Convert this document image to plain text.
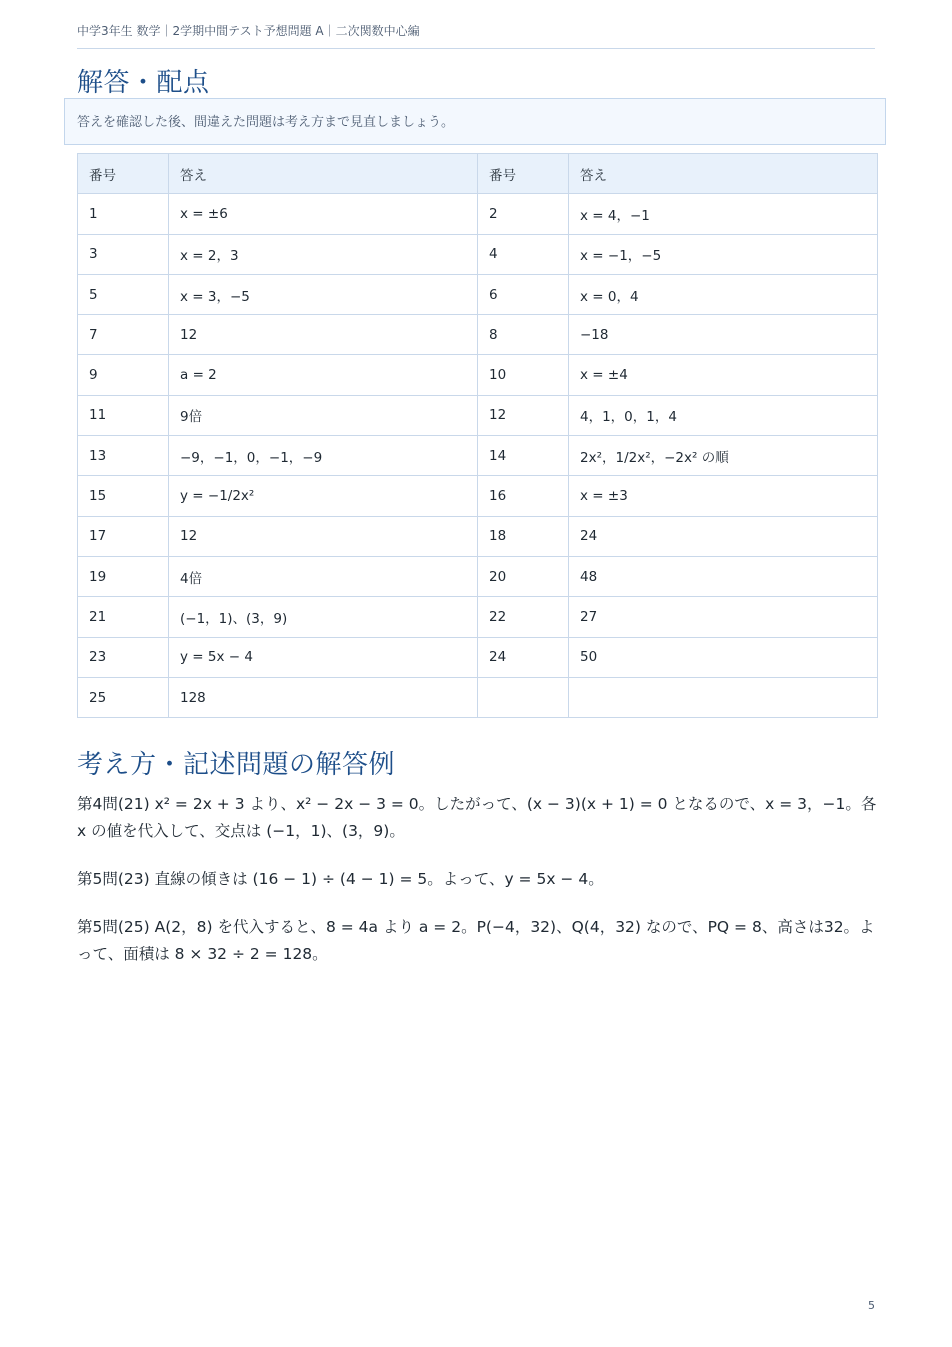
中学3年生 数学｜2学期中間テスト予想問題 A｜二次関数中心編
解答・配点
答えを確認した後、間違えた問題は考え方まで見直しましょう。
番号	答え	番号	答え
1	x = ±6	2	x = 4，−1
3	x = 2，3	4	x = −1，−5
5	x = 3，−5	6	x = 0，4
7	12	8	−18
9	a = 2	10	x = ±4
11	9倍	12	4，1，0，1，4
13	−9，−1，0，−1，−9	14	2x²，1/2x²，−2x² の順
15	y = −1/2x²	16	x = ±3
17	12	18	24
19	4倍	20	48
21	(−1，1)、(3，9)	22	27
23	y = 5x − 4	24	50
25	128		
考え方・記述問題の解答例

第4問(21) x² = 2x + 3 より、x² − 2x − 3 = 0。したがって、(x − 3)(x + 1) = 0 となるので、x = 3，−1。各 x の値を代入して、交点は (−1，1)、(3，9)。

第5問(23) 直線の傾きは (16 − 1) ÷ (4 − 1) = 5。よって、y = 5x − 4。

第5問(25) A(2，8) を代入すると、8 = 4a より a = 2。P(−4，32)、Q(4，32) なので、PQ = 8、高さは32。よって、面積は 8 × 32 ÷ 2 = 128。

5
